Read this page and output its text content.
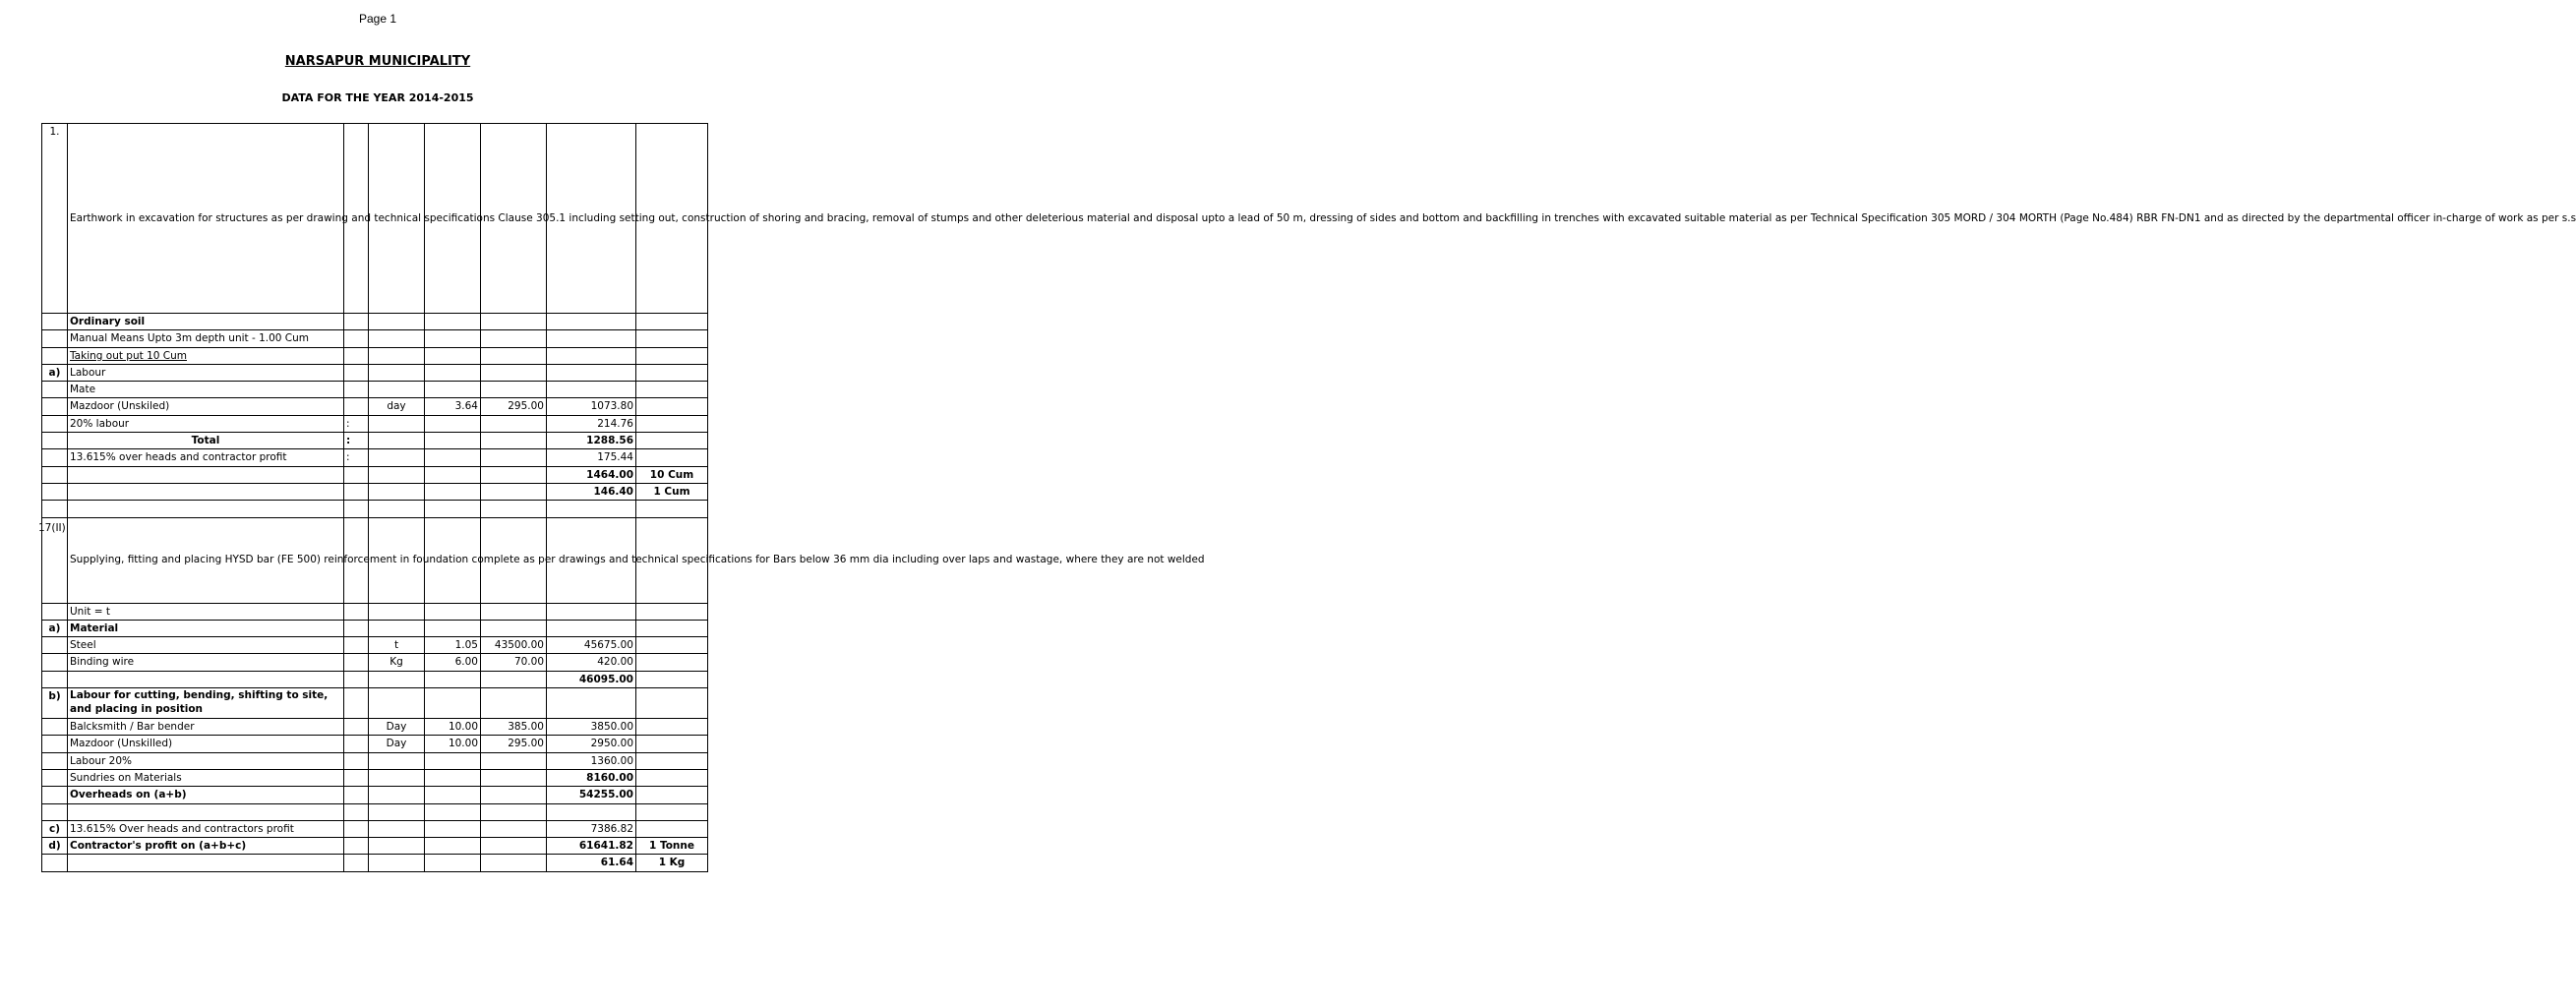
Page 1
NARSAPUR MUNICIPALITY
DATA FOR THE YEAR 2014-2015
1.	Earthwork in excavation for structures as per drawing and technical specifications Clause 305.1 including setting out, construction of shoring and bracing, removal of stumps and other deleterious material and disposal upto a lead of 50 m, dressing of sides and bottom and backfilling in trenches with excavated suitable material as per Technical Specification 305 MORD / 304 MORTH (Page No.484) RBR FN-DN1 and as directed by the departmental officer in-charge of work as per s.s						
	Ordinary soil						
	Manual Means Upto 3m depth unit - 1.00 Cum						
	Taking out put 10 Cum						
a)	Labour						
	Mate						
	Mazdoor (Unskiled)		day	3.64	295.00	1073.80	
	20% labour	:				214.76	
	Total	:				1288.56	
	13.615% over heads and contractor profit	:				175.44	
						1464.00	10 Cum
						146.40	1 Cum

17(II)	Supplying, fitting and placing HYSD bar (FE 500) reinforcement in foundation complete as per drawings and technical specifications for Bars below 36 mm dia including over laps and wastage, where they are not welded						
	Unit = t						
a)	Material						
	Steel		t	1.05	43500.00	45675.00	
	Binding wire		Kg	6.00	70.00	420.00	
						46095.00	
b)	Labour for cutting, bending, shifting to site,
and placing in position						

	Balcksmith / Bar bender		Day	10.00	385.00	3850.00	
	Mazdoor (Unskilled)		Day	10.00	295.00	2950.00	
	Labour 20%					1360.00	
	Sundries on Materials					8160.00	
	Overheads on (a+b)					54255.00	

c)	13.615% Over heads and contractors profit					7386.82	
d)	Contractor's profit on (a+b+c)					61641.82	1 Tonne
						61.64	1 Kg
